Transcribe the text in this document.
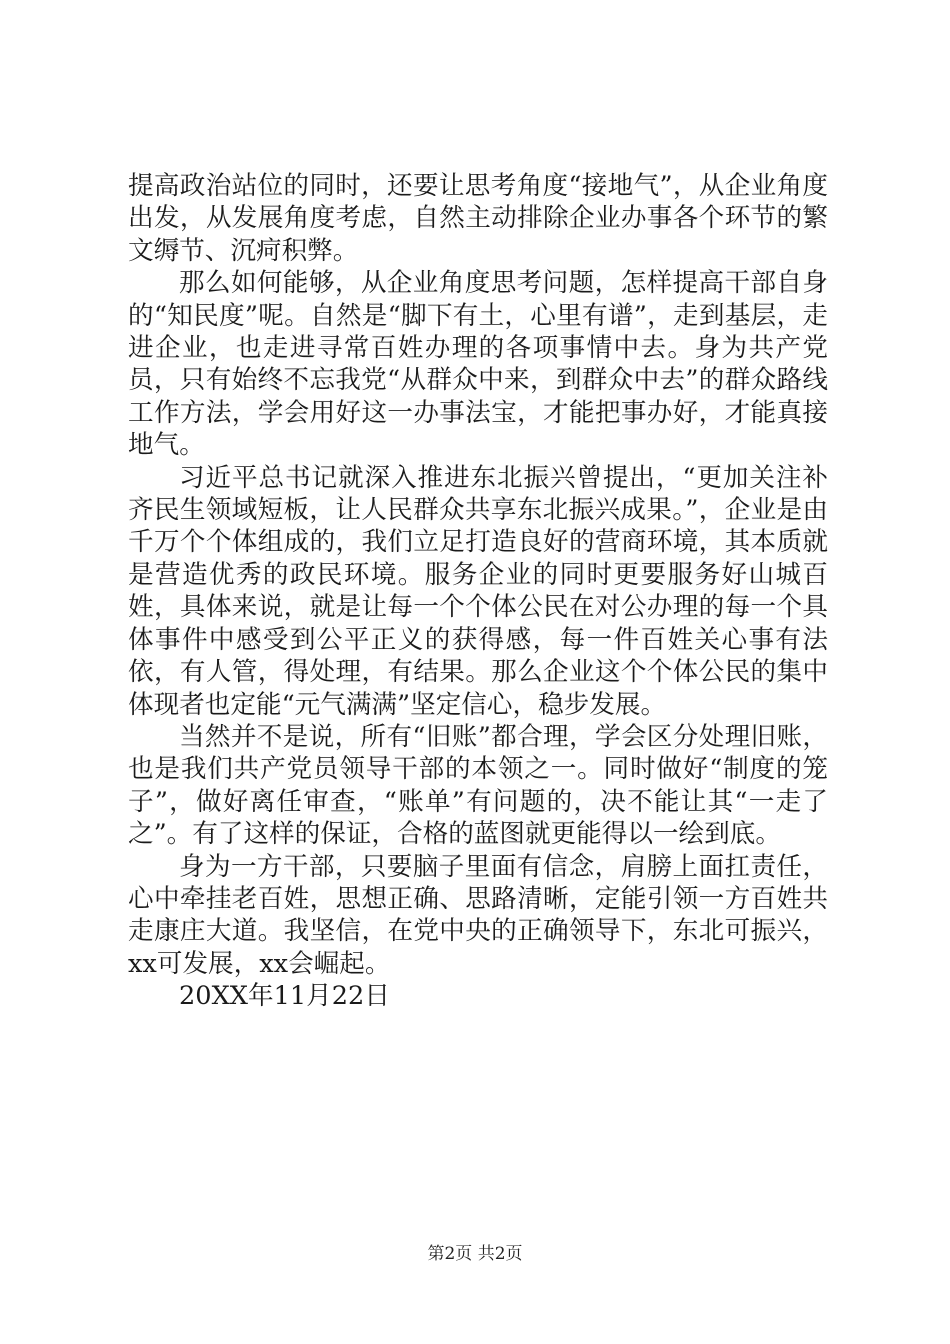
提高政治站位的同时，还要让思考角度“接地气”，从企业角度出发，从发展角度考虑，自然主动排除企业办事各个环节的繁文缛节、沉疴积弊。

那么如何能够，从企业角度思考问题，怎样提高干部自身的“知民度”呢。自然是“脚下有土，心里有谱”，走到基层，走进企业，也走进寻常百姓办理的各项事情中去。身为共产党员，只有始终不忘我党“从群众中来，到群众中去”的群众路线工作方法，学会用好这一办事法宝，才能把事办好，才能真接地气。

习近平总书记就深入推进东北振兴曾提出，“更加关注补齐民生领域短板，让人民群众共享东北振兴成果。”，企业是由千万个个体组成的，我们立足打造良好的营商环境，其本质就是营造优秀的政民环境。服务企业的同时更要服务好山城百姓，具体来说，就是让每一个个体公民在对公办理的每一个具体事件中感受到公平正义的获得感，每一件百姓关心事有法依，有人管，得处理，有结果。那么企业这个个体公民的集中体现者也定能“元气满满”坚定信心，稳步发展。

当然并不是说，所有“旧账”都合理，学会区分处理旧账，也是我们共产党员领导干部的本领之一。同时做好“制度的笼子”，做好离任审查，“账单”有问题的，决不能让其“一走了之”。有了这样的保证，合格的蓝图就更能得以一绘到底。

身为一方干部，只要脑子里面有信念，肩膀上面扛责任，心中牵挂老百姓，思想正确、思路清晰，定能引领一方百姓共走康庄大道。我坚信，在党中央的正确领导下，东北可振兴，xx可发展，xx会崛起。

20XX年11月22日

第2页 共2页
